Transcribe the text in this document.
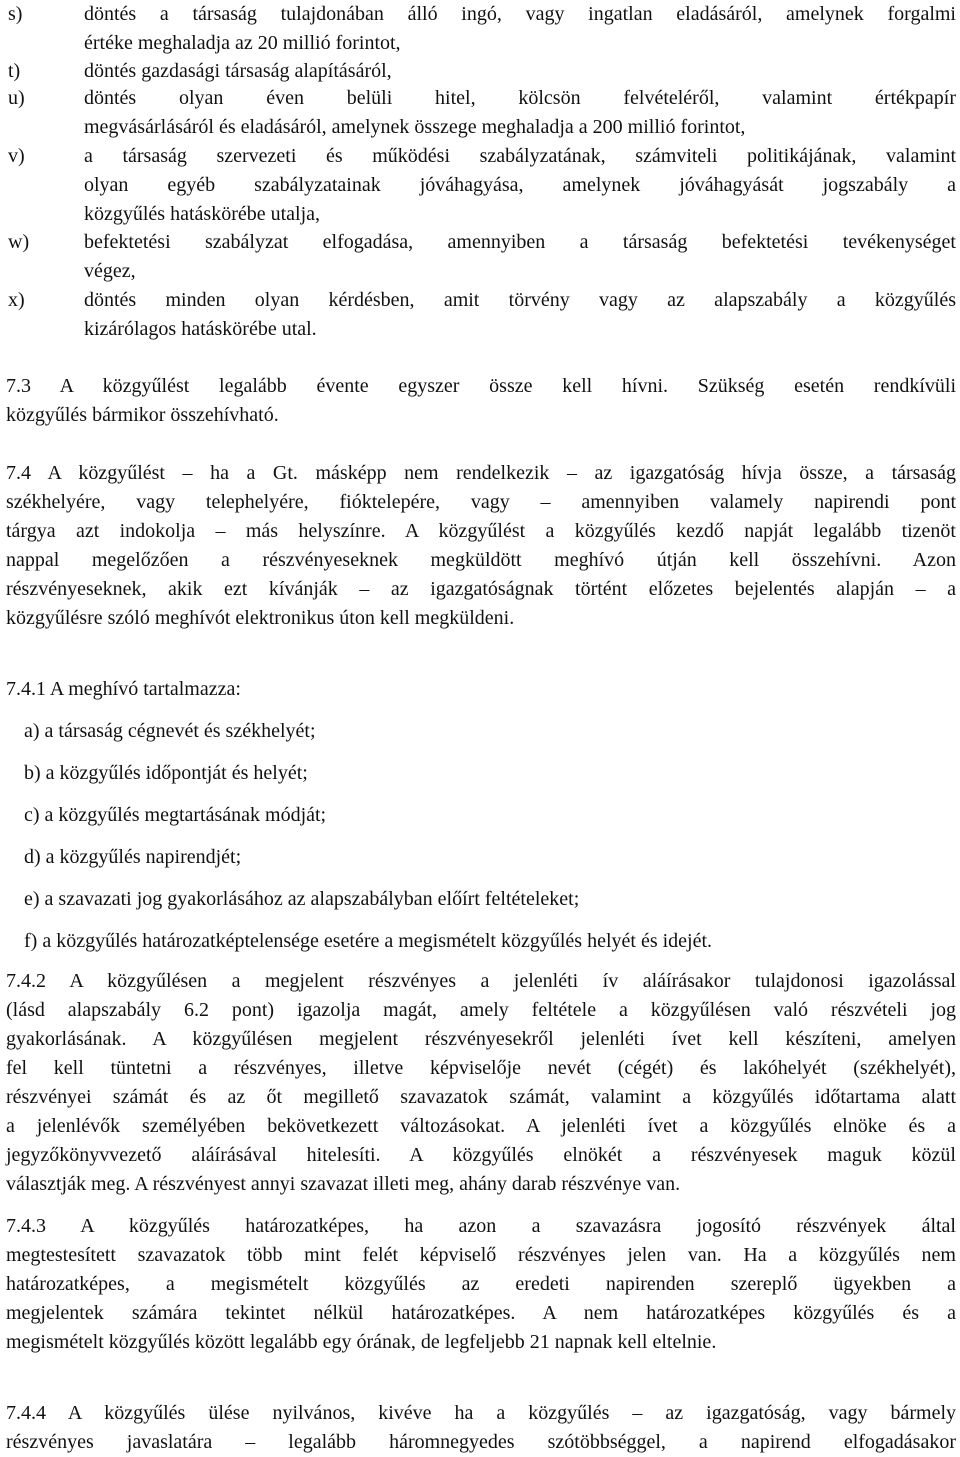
s)	döntés a társaság tulajdonában álló ingó, vagy ingatlan eladásáról, amelynek forgalmi
értéke meghaladja az 20 millió forintot,
t)	döntés gazdasági társaság alapításáról,
u)	döntés olyan éven belüli hitel, kölcsön felvételéről, valamint értékpapír
megvásárlásáról és eladásáról, amelynek összege meghaladja a 200 millió forintot,
v)	a társaság szervezeti és működési szabályzatának, számviteli politikájának, valamint
olyan egyéb szabályzatainak jóváhagyása, amelynek jóváhagyását jogszabály a
közgyűlés hatáskörébe utalja,
w)	befektetési szabályzat elfogadása, amennyiben a társaság befektetési tevékenységet
végez,
x)	döntés minden olyan kérdésben, amit törvény vagy az alapszabály a közgyűlés
kizárólagos hatáskörébe utal.
7.3 A közgyűlést legalább évente egyszer össze kell hívni. Szükség esetén rendkívüli
közgyűlés bármikor összehívható.
7.4 A közgyűlést – ha a Gt. másképp nem rendelkezik – az igazgatóság hívja össze, a társaság
székhelyére, vagy telephelyére, fióktelepére, vagy – amennyiben valamely napirendi pont
tárgya azt indokolja – más helyszínre. A közgyűlést a közgyűlés kezdő napját legalább tizenöt
nappal megelőzően a részvényeseknek megküldött meghívó útján kell összehívni. Azon
részvényeseknek, akik ezt kívánják – az igazgatóságnak történt előzetes bejelentés alapján – a
közgyűlésre szóló meghívót elektronikus úton kell megküldeni.
7.4.1 A meghívó tartalmazza:
a) a társaság cégnevét és székhelyét;
b) a közgyűlés időpontját és helyét;
c) a közgyűlés megtartásának módját;
d) a közgyűlés napirendjét;
e) a szavazati jog gyakorlásához az alapszabályban előírt feltételeket;
f) a közgyűlés határozatképtelensége esetére a megismételt közgyűlés helyét és idejét.
7.4.2 A közgyűlésen a megjelent részvényes a jelenléti ív aláírásakor tulajdonosi igazolással
(lásd alapszabály 6.2 pont) igazolja magát, amely feltétele a közgyűlésen való részvételi jog
gyakorlásának. A közgyűlésen megjelent részvényesekről jelenléti ívet kell készíteni, amelyen
fel kell tüntetni a részvényes, illetve képviselője nevét (cégét) és lakóhelyét (székhelyét),
részvényei számát és az őt megillető szavazatok számát, valamint a közgyűlés időtartama alatt
a jelenlévők személyében bekövetkezett változásokat. A jelenléti ívet a közgyűlés elnöke és a
jegyzőkönyvvezető aláírásával hitelesíti. A közgyűlés elnökét a részvényesek maguk közül
választják meg. A részvényest annyi szavazat illeti meg, ahány darab részvénye van.
7.4.3 A közgyűlés határozatképes, ha azon a szavazásra jogosító részvények által
megtestesített szavazatok több mint felét képviselő részvényes jelen van. Ha a közgyűlés nem
határozatképes, a megismételt közgyűlés az eredeti napirenden szereplő ügyekben a
megjelentek számára tekintet nélkül határozatképes. A nem határozatképes közgyűlés és a
megismételt közgyűlés között legalább egy órának, de legfeljebb 21 napnak kell eltelnie.
7.4.4 A közgyűlés ülése nyilvános, kivéve ha a közgyűlés – az igazgatóság, vagy bármely
részvényes javaslatára – legalább háromnegyedes szótöbbséggel, a napirend elfogadásakor
